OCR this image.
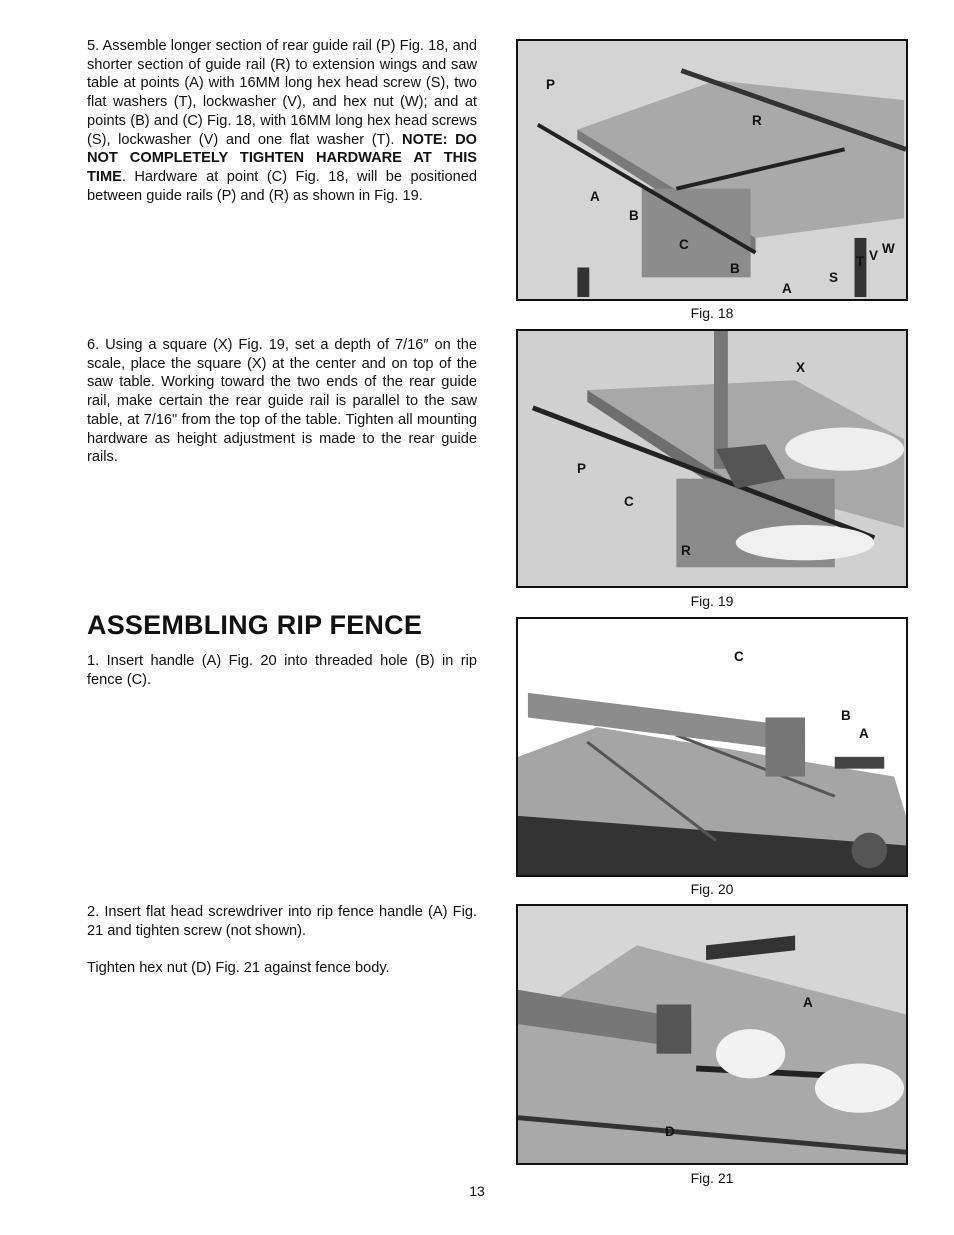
5. Assemble longer section of rear guide rail (P) Fig. 18, and shorter section of guide rail (R) to extension wings and saw table at points (A) with 16MM long hex head screw (S), two flat washers (T), lockwasher (V), and hex nut (W); and at points (B) and (C) Fig. 18, with 16MM long hex head screws (S), lockwasher (V) and one flat washer (T). NOTE: DO NOT COMPLETELY TIGHTEN HARDWARE AT THIS TIME. Hardware at point (C) Fig. 18, will be positioned between guide rails (P) and (R) as shown in Fig. 19.

6. Using a square (X) Fig. 19, set a depth of 7/16″ on the scale, place the square (X) at the center and on top of the saw table. Working toward the two ends of the rear guide rail, make certain the rear guide rail is parallel to the saw table, at 7/16" from the top of the table. Tighten all mounting hardware as height adjustment is made to the rear guide rails.

ASSEMBLING RIP FENCE

1. Insert handle (A) Fig. 20 into threaded hole (B) in rip fence (C).

2. Insert flat head screwdriver into rip fence handle (A) Fig. 21 and tighten screw (not shown).

Tighten hex nut (D) Fig. 21 against fence body.

P
R
A
B
C
B
A
S
T V W
Fig. 18
X
P
C
R
Fig. 19
C
B
A
Fig. 20
A
D
Fig. 21
13
